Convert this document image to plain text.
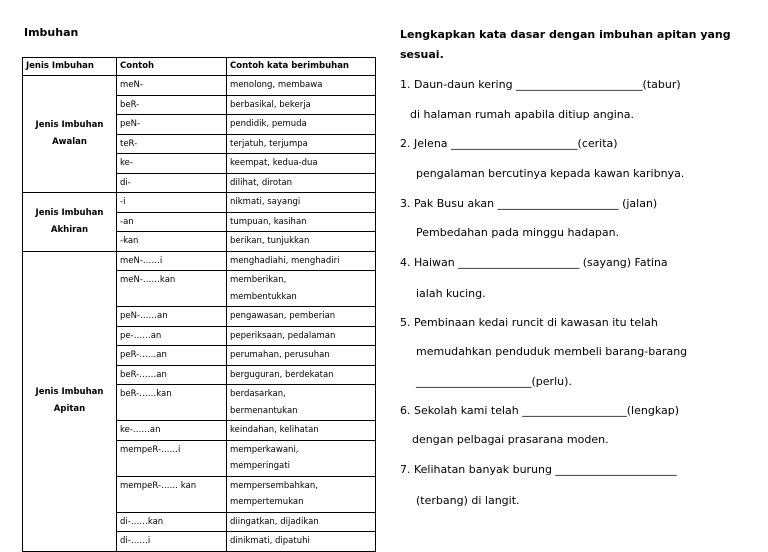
Imbuhan
Jenis Imbuhan	Contoh	Contoh kata berimbuhan
Jenis Imbuhan
Awalan	meN-	menolong, membawa
	beR-	berbasikal, bekerja
	peN-	pendidik, pemuda
	teR-	terjatuh, terjumpa
	ke-	keempat, kedua-dua
	di-	dilihat, dirotan
Jenis Imbuhan
Akhiran	-i	nikmati, sayangi
	-an	tumpuan, kasihan
	-kan	berikan, tunjukkan
Jenis Imbuhan
Apitan	meN-……i	menghadiahi, menghadiri
	meN-……kan	memberikan,
membentukkan
	peN-……an	pengawasan, pemberian
	pe-……an	peperiksaan, pedalaman
	peR-……an	perumahan, perusuhan
	beR-……an	berguguran, berdekatan
	beR-……kan	berdasarkan,
bermenantukan
	ke-……an	keindahan, kelihatan
	mempeR-……i	memperkawani,
memperingati
	mempeR-…… kan	mempersembahkan,
mempertemukan
	di-……kan	diingatkan, dijadikan
	di-……i	dinikmati, dipatuhi

Lengkapkan kata dasar dengan imbuhan apitan yang sesuai.

1. Daun-daun kering _______________________(tabur)
di halaman rumah apabila ditiup angina.
2. Jelena _______________________(cerita)
pengalaman bercutinya kepada kawan karibnya.
3. Pak Busu akan ______________________ (jalan)
Pembedahan pada minggu hadapan.
4. Haiwan ______________________ (sayang) Fatina
ialah kucing.
5. Pembinaan kedai runcit di kawasan itu telah
memudahkan penduduk membeli barang-barang
_____________________(perlu).
6. Sekolah kami telah ___________________(lengkap)
dengan pelbagai prasarana moden.
7. Kelihatan banyak burung ______________________
(terbang) di langit.
